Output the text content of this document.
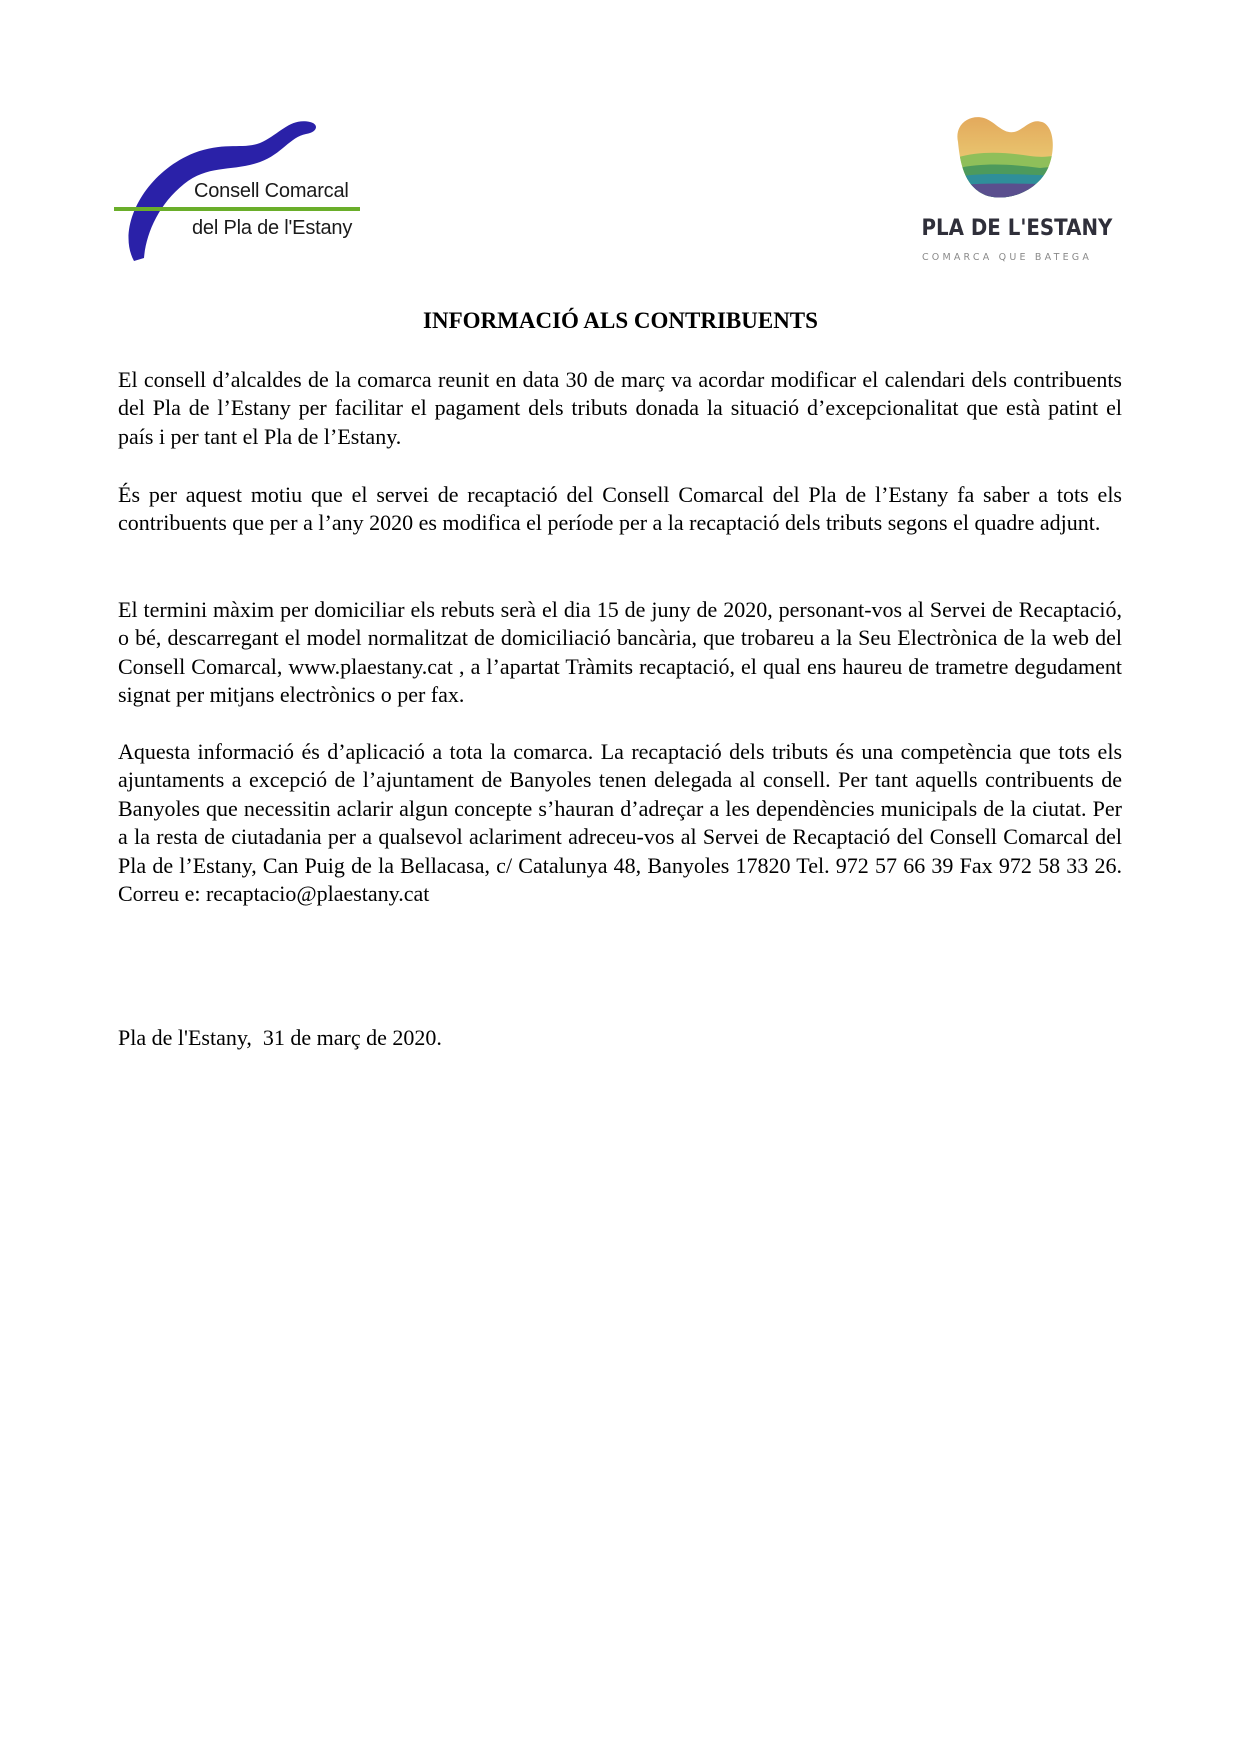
Consell Comarcal
del Pla de l'Estany	PLA DE L'ESTANY
COMARCA QUE BATEGA
INFORMACIÓ ALS CONTRIBUENTS

El consell d’alcaldes de la comarca reunit en data 30 de març va acordar modificar el calendari dels contribuents del Pla de l’Estany per facilitar el pagament dels tributs donada la situació d’excepcionalitat que està patint el país i per tant el Pla de l’Estany.

És per aquest motiu que el servei de recaptació del Consell Comarcal del Pla de l’Estany fa saber a tots els contribuents que per a l’any 2020 es modifica el període per a la recaptació dels tributs segons el quadre adjunt.

El termini màxim per domiciliar els rebuts serà el dia 15 de juny de 2020, personant-vos al Servei de Recaptació, o bé, descarregant el model normalitzat de domiciliació bancària, que trobareu a la Seu Electrònica de la web del Consell Comarcal, www.plaestany.cat , a l’apartat Tràmits recaptació, el qual ens haureu de trametre degudament signat per mitjans electrònics o per fax.

Aquesta informació és d’aplicació a tota la comarca. La recaptació dels tributs és una competència que tots els ajuntaments a excepció de l’ajuntament de Banyoles tenen delegada al consell. Per tant aquells contribuents de Banyoles que necessitin aclarir algun concepte s’hauran d’adreçar a les dependències municipals de la ciutat. Per a la resta de ciutadania per a qualsevol aclariment adreceu-vos al Servei de Recaptació del Consell Comarcal del Pla de l’Estany, Can Puig de la Bellacasa, c/ Catalunya 48, Banyoles 17820 Tel. 972 57 66 39 Fax 972 58 33 26. Correu e: recaptacio@plaestany.cat

Pla de l'Estany,  31 de març de 2020.
